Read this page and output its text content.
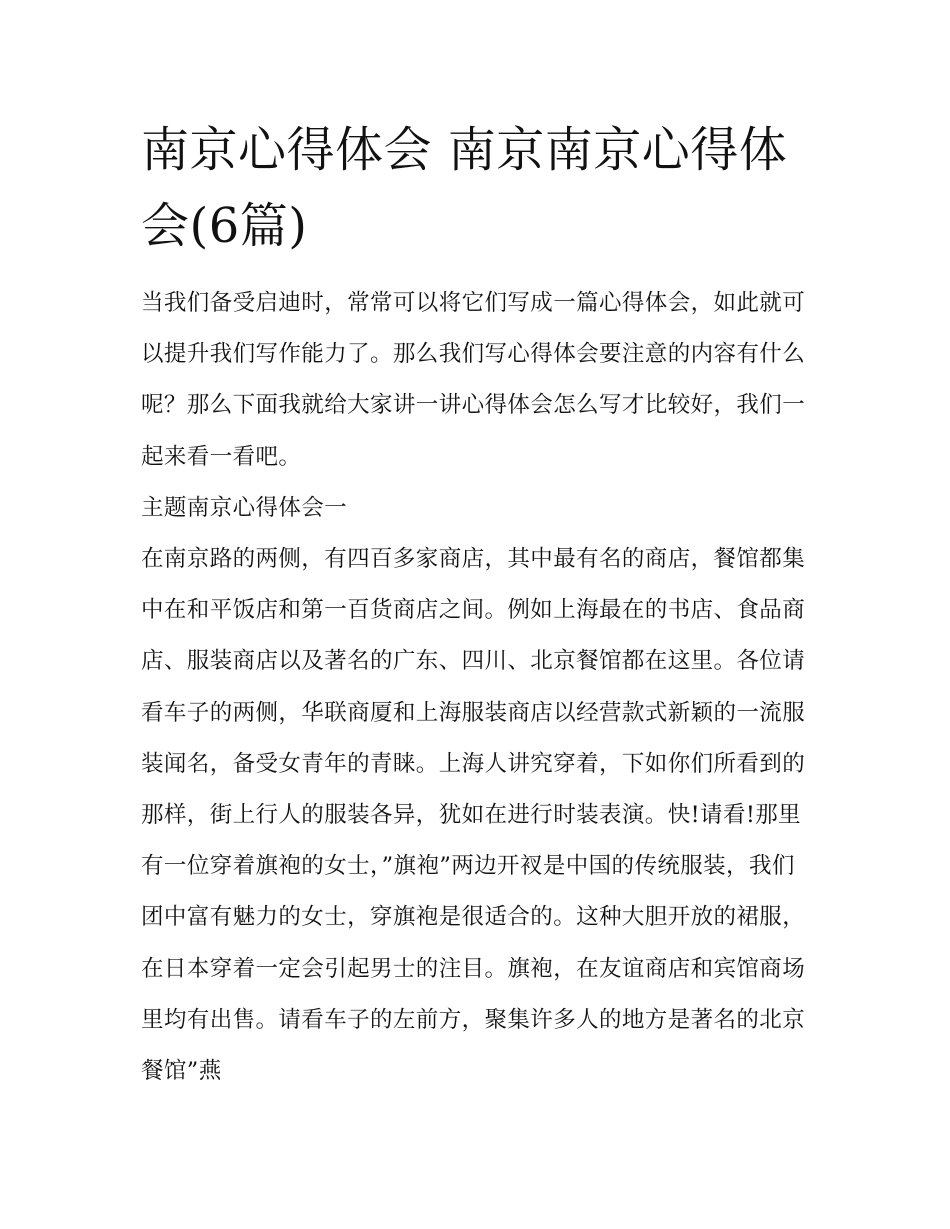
南京心得体会 南京南京心得体会(6篇)

当我们备受启迪时，常常可以将它们写成一篇心得体会，如此就可以提升我们写作能力了。那么我们写心得体会要注意的内容有什么呢？那么下面我就给大家讲一讲心得体会怎么写才比较好，我们一起来看一看吧。

主题南京心得体会一

在南京路的两侧，有四百多家商店，其中最有名的商店，餐馆都集中在和平饭店和第一百货商店之间。例如上海最在的书店、食品商店、服装商店以及著名的广东、四川、北京餐馆都在这里。各位请看车子的两侧，华联商厦和上海服装商店以经营款式新颖的一流服装闻名，备受女青年的青睐。上海人讲究穿着，下如你们所看到的那样，街上行人的服装各异，犹如在进行时装表演。快!请看!那里有一位穿着旗袍的女士，”旗袍”两边开衩是中国的传统服装，我们团中富有魅力的女士，穿旗袍是很适合的。这种大胆开放的裙服，在日本穿着一定会引起男士的注目。旗袍，在友谊商店和宾馆商场里均有出售。请看车子的左前方，聚集许多人的地方是著名的北京餐馆”燕
